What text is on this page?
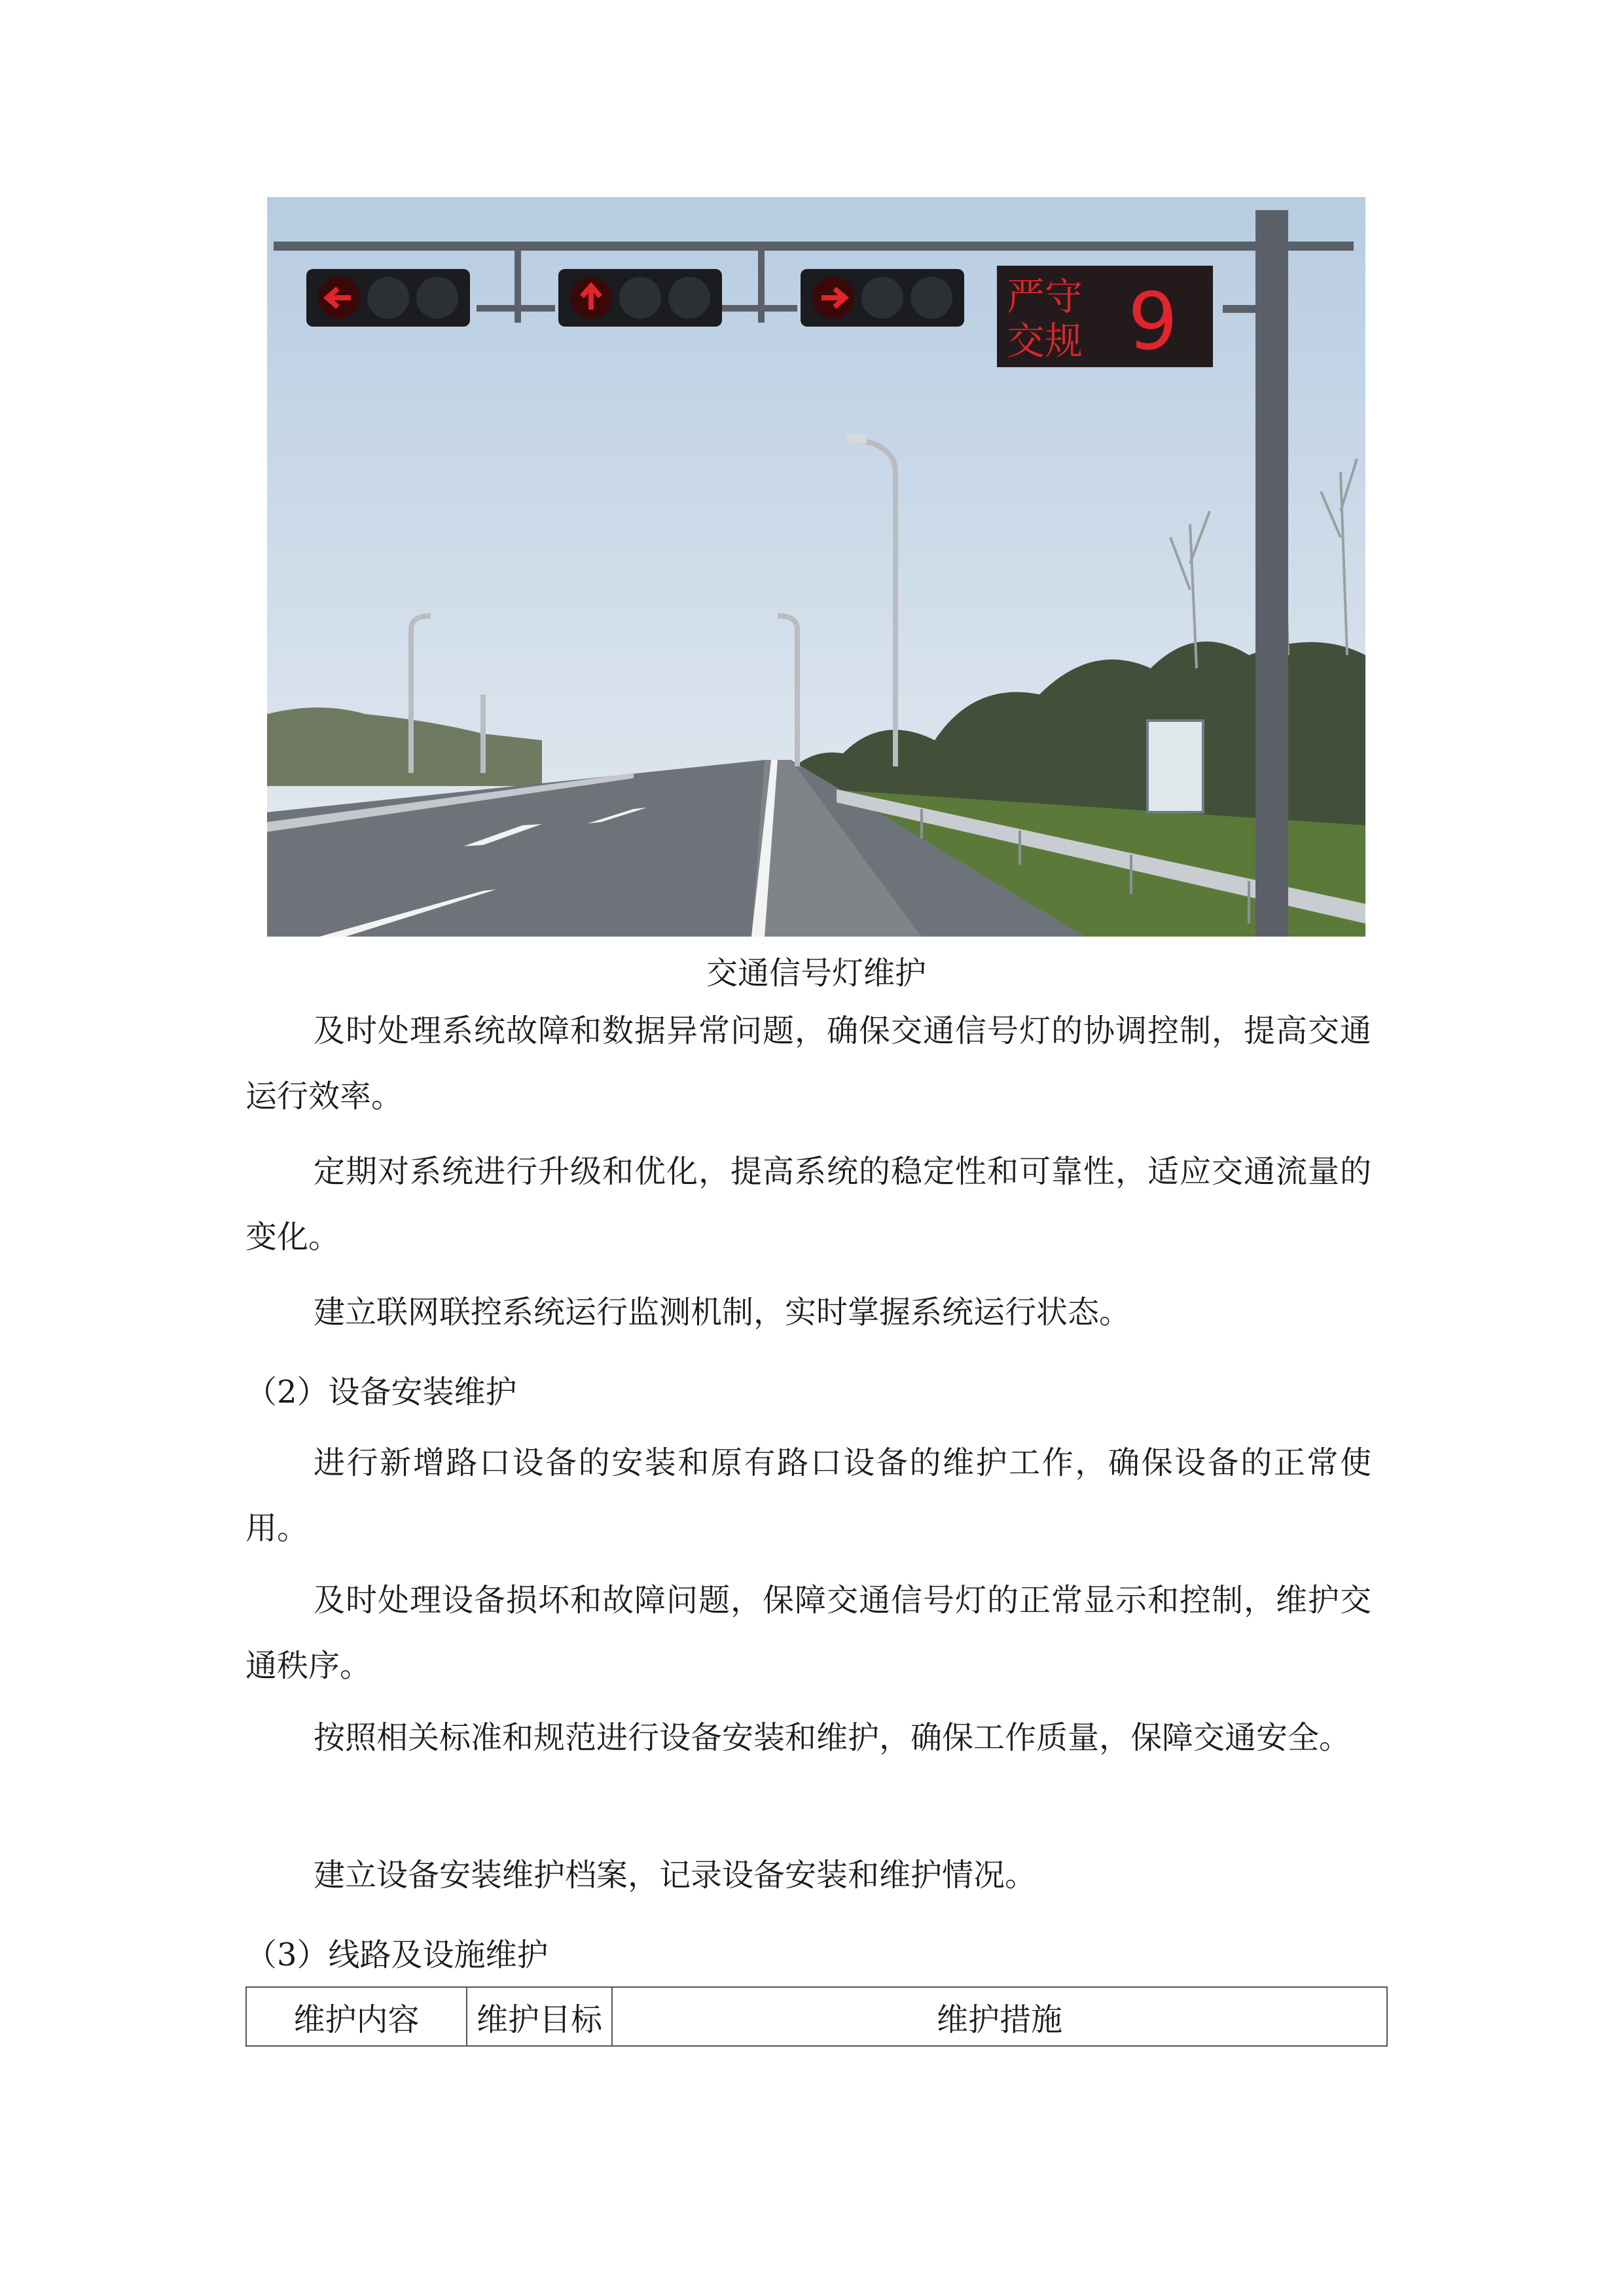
严守
交规 9
交通信号灯维护

及时处理系统故障和数据异常问题，确保交通信号灯的协调控制，提高交通运行效率。

定期对系统进行升级和优化，提高系统的稳定性和可靠性，适应交通流量的变化。

建立联网联控系统运行监测机制，实时掌握系统运行状态。

（2）设备安装维护

进行新增路口设备的安装和原有路口设备的维护工作，确保设备的正常使用。

及时处理设备损坏和故障问题，保障交通信号灯的正常显示和控制，维护交通秩序。

按照相关标准和规范进行设备安装和维护，确保工作质量，保障交通安全。

建立设备安装维护档案，记录设备安装和维护情况。

（3）线路及设施维护
维护内容	维护目标	维护措施
